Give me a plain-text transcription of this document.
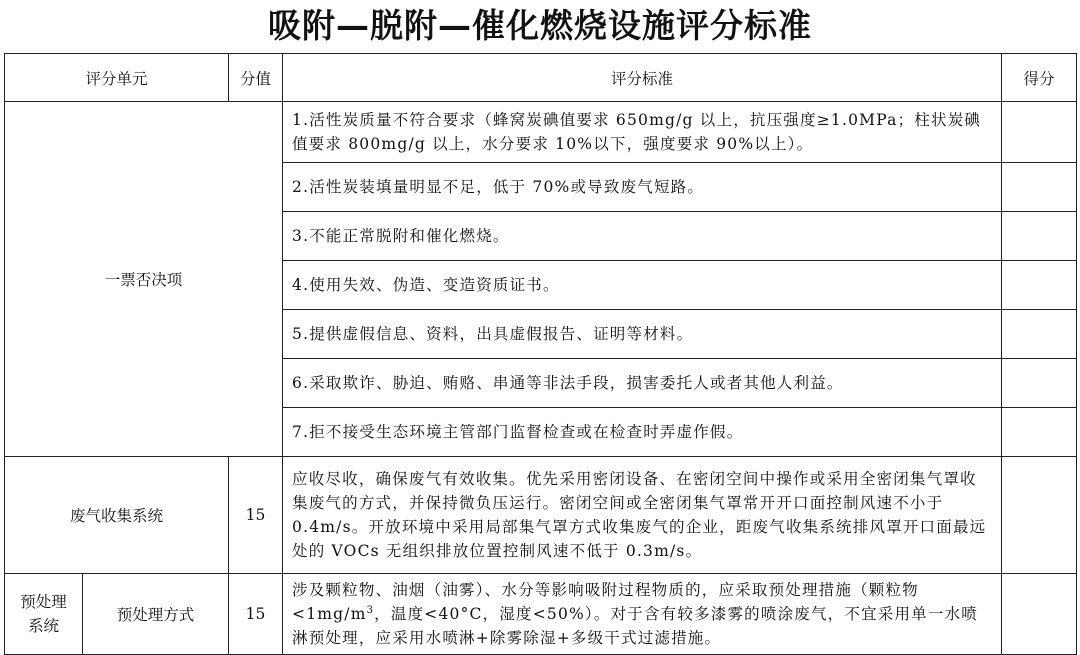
吸附—脱附—催化燃烧设施评分标准
评分单元		分值	评分标准	得分
一票否决项			1.活性炭质量不符合要求（蜂窝炭碘值要求 650mg/g 以上，抗压强度≥1.0MPa；柱状炭碘值要求 800mg/g 以上，水分要求 10%以下，强度要求 90%以上）。	
			2.活性炭装填量明显不足，低于 70%或导致废气短路。	
			3.不能正常脱附和催化燃烧。	
			4.使用失效、伪造、变造资质证书。	
			5.提供虚假信息、资料，出具虚假报告、证明等材料。	
			6.采取欺诈、胁迫、贿赂、串通等非法手段，损害委托人或者其他人利益。	
			7.拒不接受生态环境主管部门监督检查或在检查时弄虚作假。	
废气收集系统		15	应收尽收，确保废气有效收集。优先采用密闭设备、在密闭空间中操作或采用全密闭集气罩收集废气的方式，并保持微负压运行。密闭空间或全密闭集气罩常开开口面控制风速不小于 0.4m/s。开放环境中采用局部集气罩方式收集废气的企业，距废气收集系统排风罩开口面最远处的 VOCs 无组织排放位置控制风速不低于 0.3m/s。	
预处理系统	预处理方式	15	涉及颗粒物、油烟（油雾）、水分等影响吸附过程物质的，应采取预处理措施（颗粒物$<1mg/m^3$，温度<40°C，湿度<50%）。对于含有较多漆雾的喷涂废气，不宜采用单一水喷淋预处理，应采用水喷淋+除雾除湿+多级干式过滤措施。	
